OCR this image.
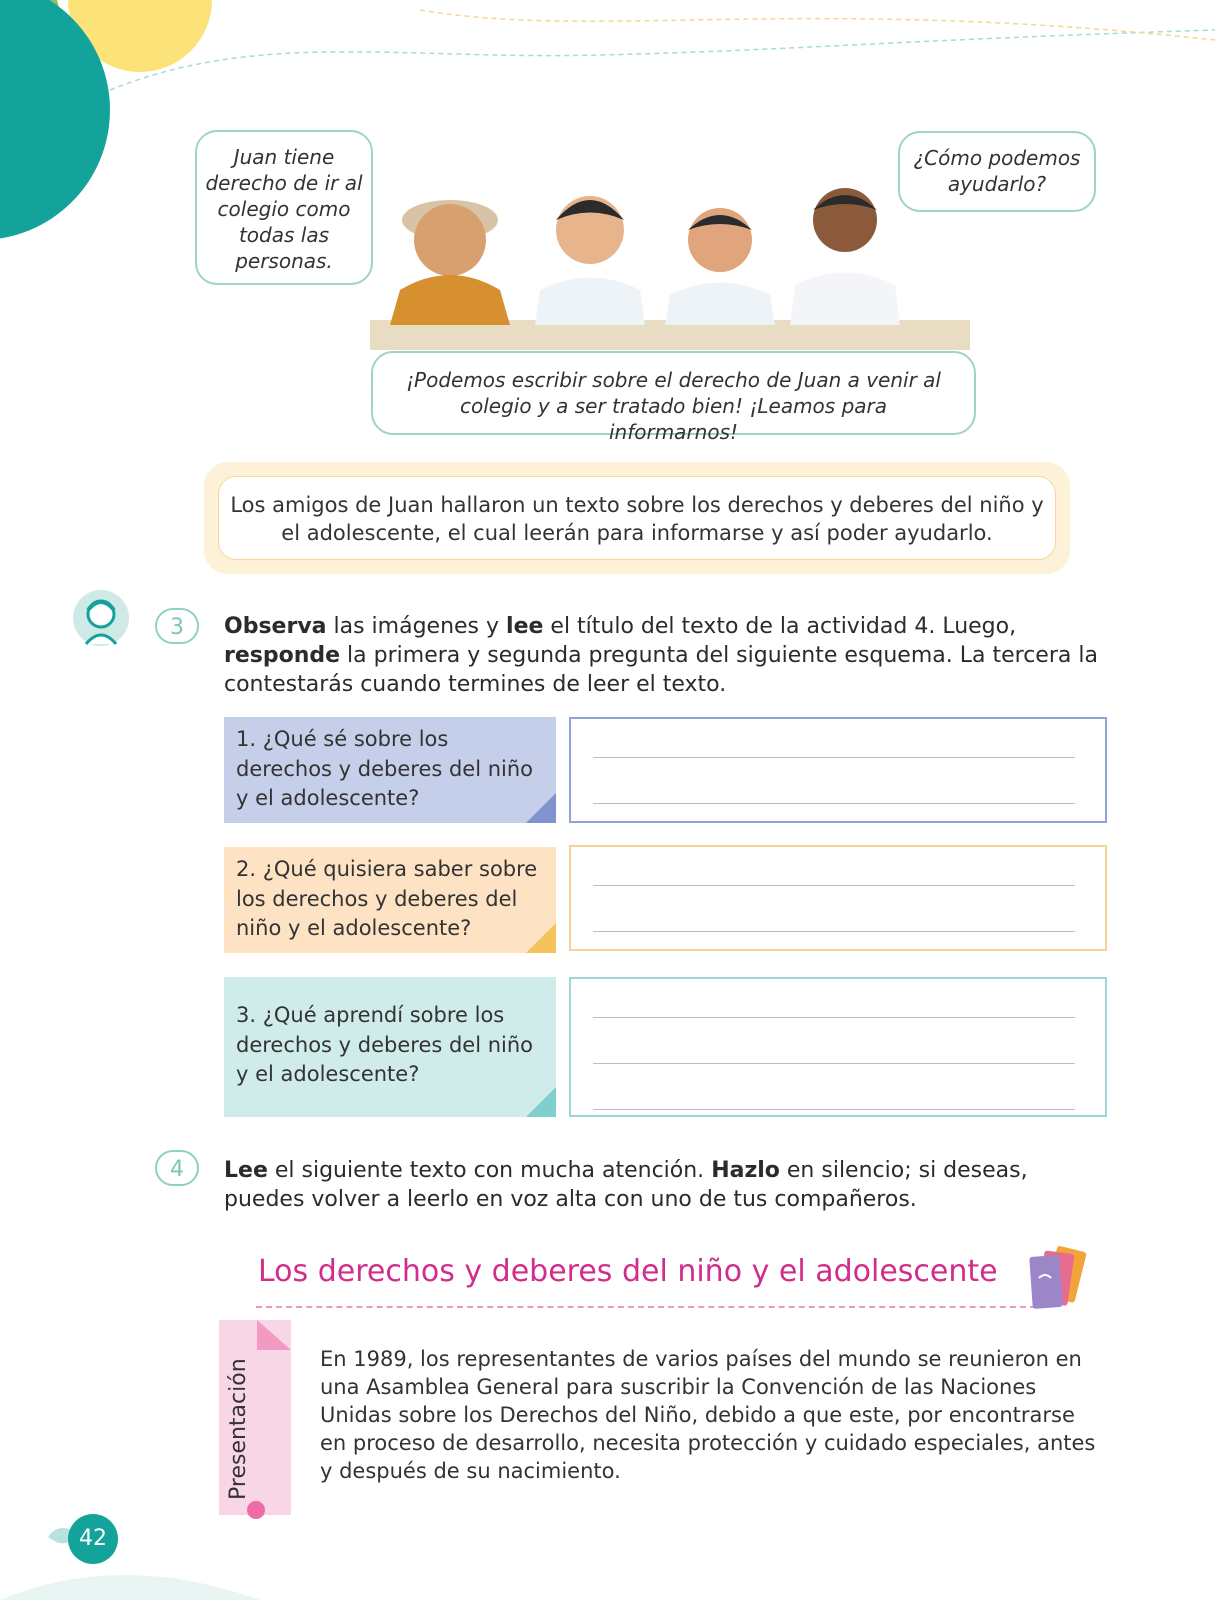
Juan tiene derecho de ir al colegio como todas las personas.
¿Cómo podemos ayudarlo?
¡Podemos escribir sobre el derecho de Juan a venir al colegio y a ser tratado bien! ¡Leamos para informarnos!
Los amigos de Juan hallaron un texto sobre los derechos y deberes del niño y el adolescente, el cual leerán para informarse y así poder ayudarlo.
3	Observa las imágenes y lee el título del texto de la actividad 4. Luego, responde la primera y segunda pregunta del siguiente esquema. La tercera la contestarás cuando termines de leer el texto.
1. ¿Qué sé sobre los derechos y deberes del niño y el adolescente?
2. ¿Qué quisiera saber sobre los derechos y deberes del niño y el adolescente?
3. ¿Qué aprendí sobre los derechos y deberes del niño y el adolescente?
4	Lee el siguiente texto con mucha atención. Hazlo en silencio; si deseas, puedes volver a leerlo en voz alta con uno de tus compañeros.
Los derechos y deberes del niño y el adolescente
Presentación	En 1989, los representantes de varios países del mundo se reunieron en una Asamblea General para suscribir la Convención de las Naciones Unidas sobre los Derechos del Niño, debido a que este, por encontrarse en proceso de desarrollo, necesita protección y cuidado especiales, antes y después de su nacimiento.
42
